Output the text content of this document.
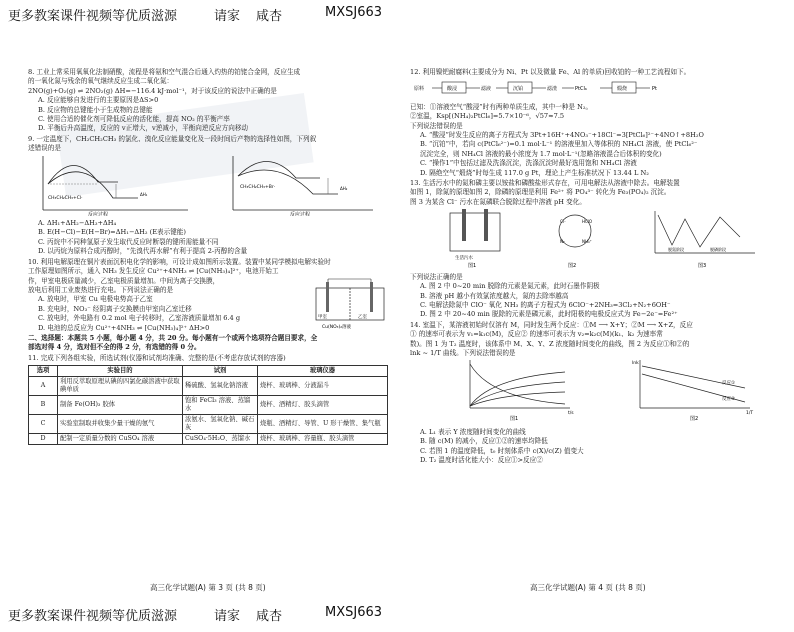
更多教案课件视频等优质滋源	请家 咸杏	MXSJ663
更多教案课件视频等优质滋源	请家 咸杏	MXSJ663

8. 工业上常采用氧氧化法制硝酸，流程是将氨和空气混合后通入灼热的铂铑合金网，反应生成

的一氧化氮与残余的氧气继续反应生成二氧化氮：

2NO(g)+O₂(g) ⇌ 2NO₂(g) ΔH=−116.4 kJ·mol⁻¹，对于该反应的说法中正确的是

A. 反应能够自发进行的主要原因是ΔS>0

B. 反应物的总键能小于生成物的总键能

C. 使用合适的催化剂可降低反应的活化能，提高 NO₂ 的平衡产率

D. 平衡后升高温度，反应的 v正增大，v逆减小，平衡向逆反应方向移动

9. 一定温度下，CH₂CH₂CH₃ 的氯化、溴化反应能量变化及一段时间后产物的选择性如图，下列叙

述错误的是

CH₃CH₂CH₃+Cl·
ΔH₁
反应过程
CH₃CH₂CH₃+Br·	ΔH₂
反应过程

A. ΔH₁+ΔH₂−ΔH₃+ΔH₄

B. E(H−Cl)−E(H−Br)=ΔH₁−ΔH₂ (E表示键能)

C. 丙烷中不同种氢原子发生取代反应时断裂的键所需能量不同

D. 以丙烷为原料合成丙醇时，“先溴代再水解”有利于提高 2-丙醇的含量

10. 利用电解原理在铜片表面沉积电化学的影响，可设计成如图所示装置。装置中某同学模拟电解实验时

工作原理如图所示，通入 NH₃ 发生反应 Cu²⁺+4NH₃ ⇌ [Cu(NH₃)₄]²⁺，电池开始工

作，甲室电极质量减少，乙室电极质量增加。中间为离子交换膜，

放电后利用工业废热进行充电。下列说法正确的是

A. 放电时，甲室 Cu 电极电势高于乙室

B. 充电时，NO₃⁻ 经阴离子交换膜由甲室向乙室迁移

C. 放电时，外电路有 0.2 mol 电子转移时，乙室溶液质量增加 6.4 g

D. 电池的总反应为 Cu²⁺+4NH₃ ⇌ [Cu(NH₃)₄]²⁺ ΔH>0

甲室	乙室
Cu(NO₃)₂溶液

二、选择题：本题共 5 小题，每小题 4 分，共 20 分。每小题有一个或两个选项符合题目要求，全

部选对得 4 分，选对但不全的得 2 分，有选错的得 0 分。

11. 完成下列各组实验，所选试剂(仪器和试剂均准确、完整的是(不考虑存放试剂的容器)

选项	实验目的	试剂	玻璃仪器
A	利用反萃取原理从碘的四氯化碳溶液中获取碘单质	稀硫酸、氢氧化钠溶液	烧杯、玻璃棒、分液漏斗
B	制备 Fe(OH)₃ 胶体	饱和 FeCl₃ 溶液、蒸馏水	烧杯、酒精灯、胶头滴管
C	实验室制取并收集少量干燥的氨气	浓氨水、氢氧化钠、碱石灰	烧瓶、酒精灯、导管、U 形干燥管、集气瓶
D	配制一定质量分数的 CuSO₄ 溶液	CuSO₄·5H₂O、蒸馏水	烧杯、玻璃棒、容量瓶、胶头滴管
高三化学试题(A) 第 3 页 (共 8 页)

12. 利用镍钯耐腐料(主要成分为 Ni、Pt 以及微量 Fe、Al 的单质)回收铂的一种工艺流程如下。

原料	酸浸	滤液	沉铂	滤渣	PtCl₆	煅烧	Pt

已知：①溶液空气“酸浸”时有两种单质生成，其中一种是 N₂。

②室温，Ksp[(NH₄)₂PtCl₆]=5.7×10⁻⁶，√57≈7.5

下列说法错误的是

A. “酸浸”时发生反应的离子方程式为 3Pt+16H⁺+4NO₃⁻+18Cl⁻=3[PtCl₆]²⁻+4NO↑+8H₂O

B. “沉铂”中，若向 c(PtCl₆²⁻)=0.1 mol·L⁻¹ 的溶液里加入等体积的 NH₄Cl 溶液，使 PtCl₆²⁻

沉淀完全，则 NH₄Cl 溶液的最小浓度为 1.7 mol·L⁻¹(忽略溶液混合后体积的变化)

C. “操作1”中包括过滤及洗涤沉淀，洗涤沉淀时最好选用饱和 NH₄Cl 溶液

D. 隔绝空气“煅烧”时每生成 117.0 g Pt，理论上产生标准状况下 13.44 L N₂

13. 生活污水中的氮和磷主要以铵盐和磷酸盐形式存在，可用电解法从溶液中除去。电解装置

如图 1，除氮的原理如图 2，除磷的原理是利用 Fe²⁺ 将 PO₄³⁻ 转化为 Fe₃(PO₄)₂ 沉淀。

图 3 为某含 Cl⁻ 污水在氮磷联合脱除过程中溶液 pH 变化。

生活污水
图1
Cl⁻	HClO
N₂	NH₄⁺
图2
脱氮阶段	脱磷阶段
图3

下列说法正确的是

A. 图 2 中 0~20 min 脱除的元素是氮元素，此时石墨作阴极

B. 溶液 pH 越小有效氯浓度越大，氮的去除率越高

C. 电解法除氮中 ClO⁻ 氧化 NH₃ 的离子方程式为 6ClO⁻+2NH₃=3Cl₂+N₂+6OH⁻

D. 图 2 中 20~40 min 脱除的元素是磷元素，此时阳极的电极反应式为 Fe−2e⁻=Fe²⁺

14. 室温下，某溶液初始时仅溶有 M，同时发生两个反应：①M ⟶ X+Y；②M ⟶ X+Z，反应

① 的速率可表示为 v₁=k₁c(M)，反应② 的速率可表示为 v₂=k₂c(M)(k₁、k₂ 为速率常

数)。图 1 为 T₂ 温度时，该体系中 M、X、Y、Z 浓度随时间变化的曲线，图 2 为反应①和②的

lnk ~ 1/T 曲线。下列说法错误的是

t/s
图1
反应①
反应②
lnk
1/T
图2

A. L₁ 表示 Y 浓度随时间变化的曲线

B. 随 c(M) 的减小，反应①②的速率均降低

C. 若图 1 的温度降低，t₀ 时刻体系中 c(X)/c(Z) 值变大

D. T₂ 温度时活化能大小：反应①>反应②

高三化学试题(A) 第 4 页 (共 8 页)
